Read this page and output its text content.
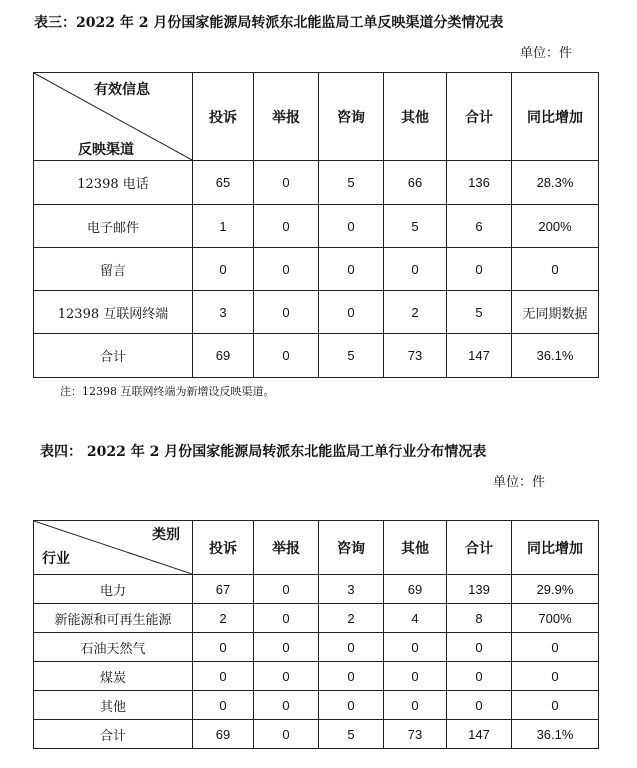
表三：2022 年 2 月份国家能源局转派东北能监局工单反映渠道分类情况表
单位：件
有效信息
反映渠道	投诉	举报	咨询	其他	合计	同比增加
12398 电话	65	0	5	66	136	28.3%
电子邮件	1	0	0	5	6	200%
留言	0	0	0	0	0	0
12398 互联网终端	3	0	0	2	5	无同期数据
合计	69	0	5	73	147	36.1%
注：12398 互联网终端为新增设反映渠道。
表四： 2022 年 2 月份国家能源局转派东北能监局工单行业分布情况表
单位：件
类别
行业	投诉	举报	咨询	其他	合计	同比增加
电力	67	0	3	69	139	29.9%
新能源和可再生能源	2	0	2	4	8	700%
石油天然气	0	0	0	0	0	0
煤炭	0	0	0	0	0	0
其他	0	0	0	0	0	0
合计	69	0	5	73	147	36.1%
